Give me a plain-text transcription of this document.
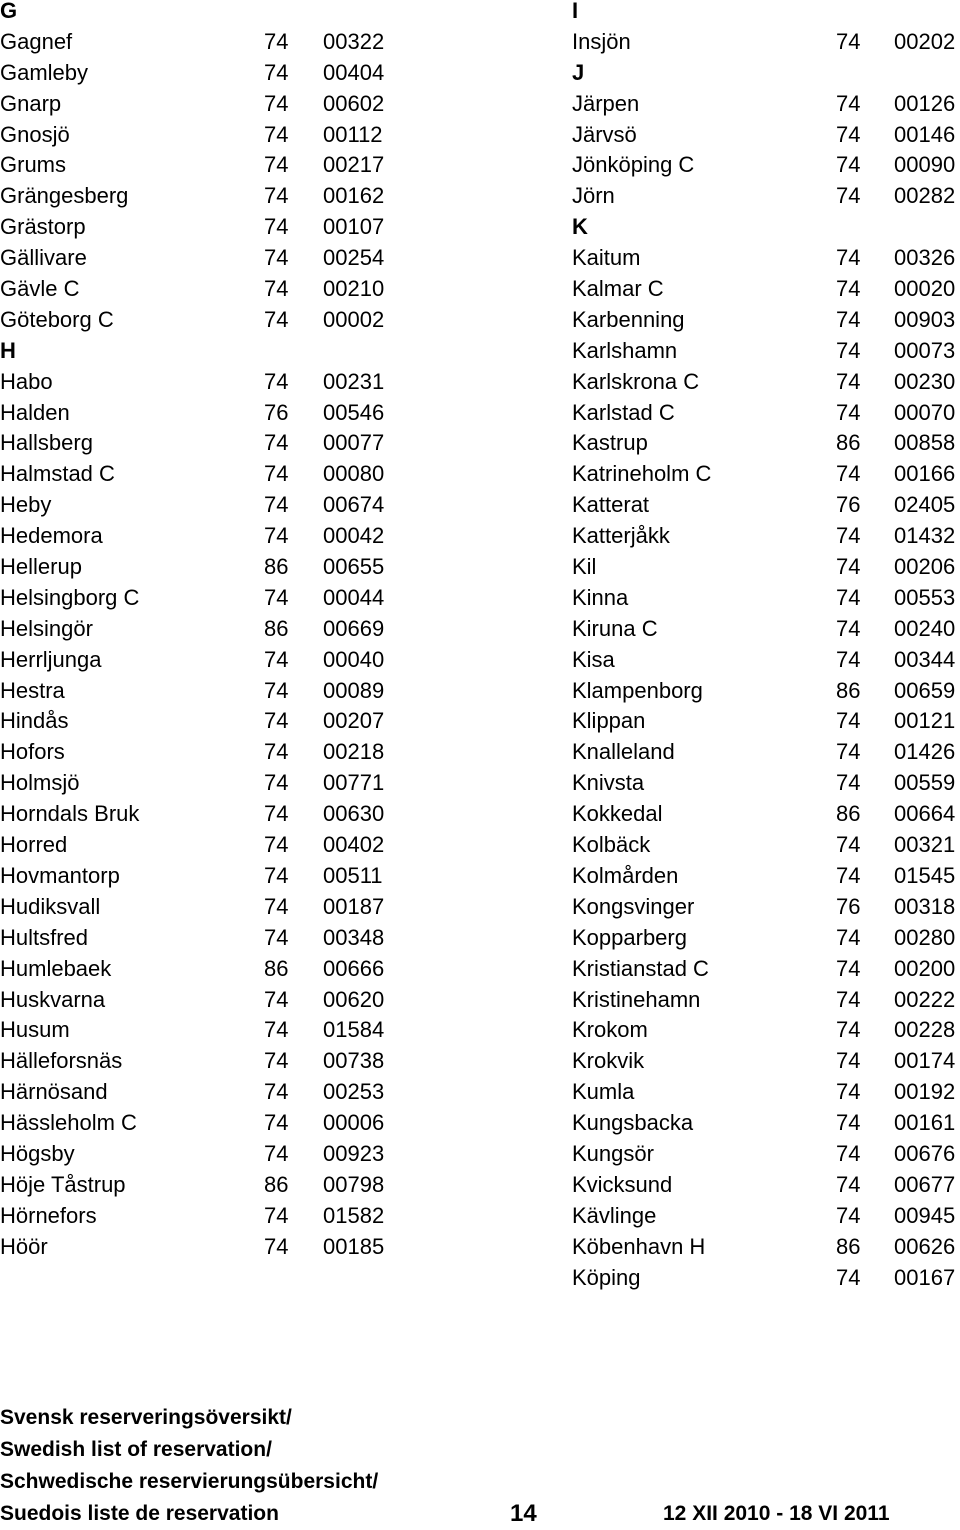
G
Gagnef	74 00322
Gamleby	74 00404
Gnarp	74 00602
Gnosjö	74 00112
Grums	74 00217
Grängesberg	74 00162
Grästorp	74 00107
Gällivare	74 00254
Gävle C	74 00210
Göteborg C	74 00002
H
Habo	74 00231
Halden	76 00546
Hallsberg	74 00077
Halmstad C	74 00080
Heby	74 00674
Hedemora	74 00042
Hellerup	86 00655
Helsingborg C	74 00044
Helsingör	86 00669
Herrljunga	74 00040
Hestra	74 00089
Hindås	74 00207
Hofors	74 00218
Holmsjö	74 00771
Horndals Bruk	74 00630
Horred	74 00402
Hovmantorp	74 00511
Hudiksvall	74 00187
Hultsfred	74 00348
Humlebaek	86 00666
Huskvarna	74 00620
Husum	74 01584
Hälleforsnäs	74 00738
Härnösand	74 00253
Hässleholm C	74 00006
Högsby	74 00923
Höje Tåstrup	86 00798
Hörnefors	74 01582
Höör	74 00185
I
Insjön	74 00202
J
Järpen	74 00126
Järvsö	74 00146
Jönköping C	74 00090
Jörn	74 00282
K
Kaitum	74 00326
Kalmar C	74 00020
Karbenning	74 00903
Karlshamn	74 00073
Karlskrona C	74 00230
Karlstad C	74 00070
Kastrup	86 00858
Katrineholm C	74 00166
Katterat	76 02405
Katterjåkk	74 01432
Kil	74 00206
Kinna	74 00553
Kiruna C	74 00240
Kisa	74 00344
Klampenborg	86 00659
Klippan	74 00121
Knalleland	74 01426
Knivsta	74 00559
Kokkedal	86 00664
Kolbäck	74 00321
Kolmården	74 01545
Kongsvinger	76 00318
Kopparberg	74 00280
Kristianstad C	74 00200
Kristinehamn	74 00222
Krokom	74 00228
Krokvik	74 00174
Kumla	74 00192
Kungsbacka	74 00161
Kungsör	74 00676
Kvicksund	74 00677
Kävlinge	74 00945
Köbenhavn H	86 00626
Köping	74 00167
Svensk reserveringsöversikt/
Swedish list of reservation/
Schwedische reservierungsübersicht/
Suedois liste de reservation	14	12 XII 2010 - 18 VI 2011
